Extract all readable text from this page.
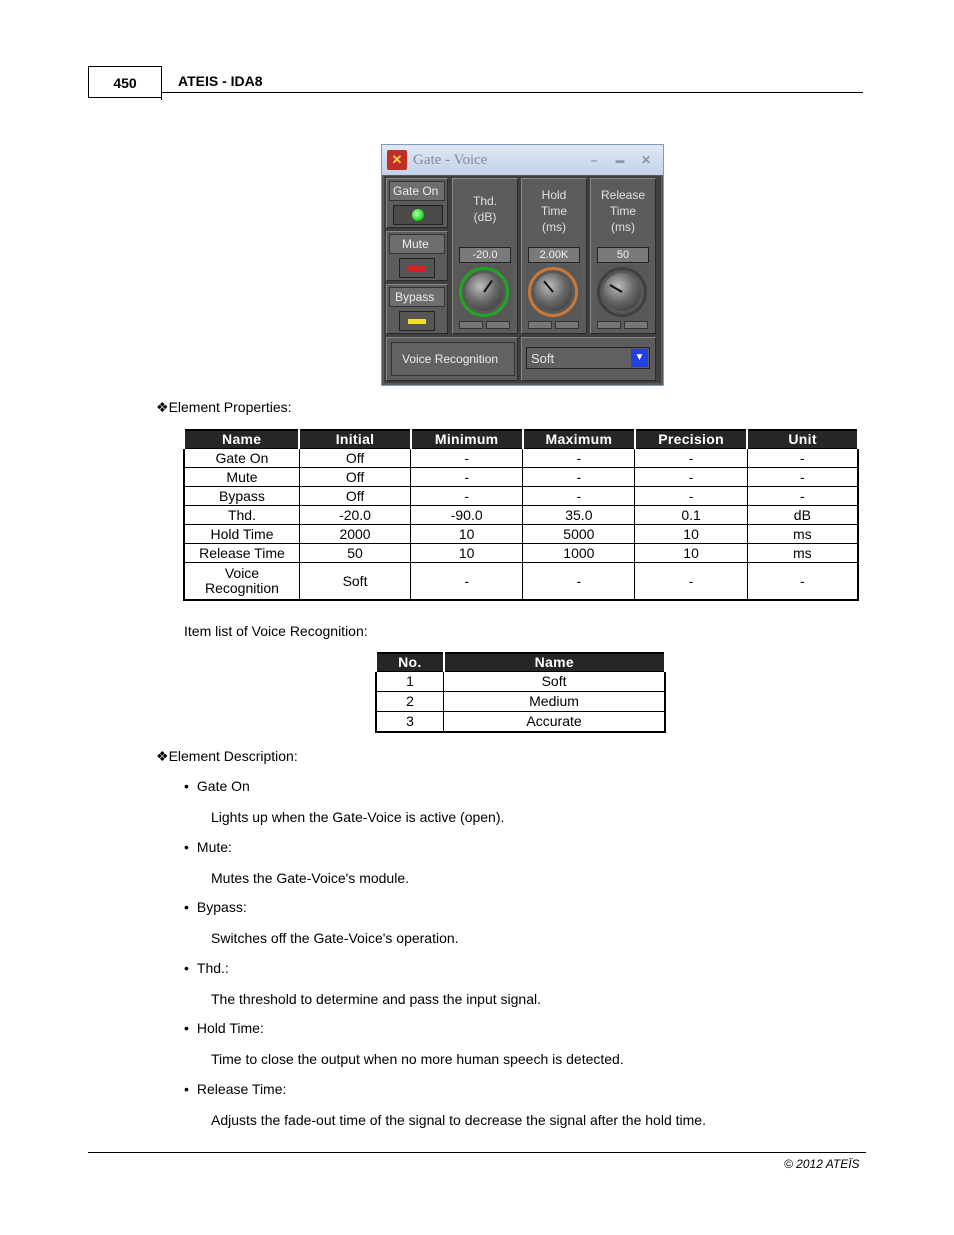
450	ATEIS - IDA8
✕ Gate - Voice	–	▬ ✕
Gate On
Mute
Bypass
Thd.
(dB)
-20.0
Hold
Time
(ms)
2.00K
Release
Time
(ms)
50
Voice Recognition	Soft	▼
❖Element Properties:
Name	Initial	Minimum	Maximum	Precision	Unit
Gate On	Off	-	-	-	-
Mute	Off	-	-	-	-
Bypass	Off	-	-	-	-
Thd.	-20.0	-90.0	35.0	0.1	dB
Hold Time	2000	10	5000	10	ms
Release Time	50	10	1000	10	ms
Voice Recognition	Soft	-	-	-	-
Item list of Voice Recognition:
No.	Name
1	Soft
2	Medium
3	Accurate
❖Element Description:
• Gate On
Lights up when the Gate-Voice is active (open).
• Mute:
Mutes the Gate-Voice's module.
• Bypass:
Switches off the Gate-Voice's operation.
• Thd.:
The threshold to determine and pass the input signal.
• Hold Time:
Time to close the output when no more human speech is detected.
• Release Time:
Adjusts the fade-out time of the signal to decrease the signal after the hold time.
© 2012 ATEÏS
